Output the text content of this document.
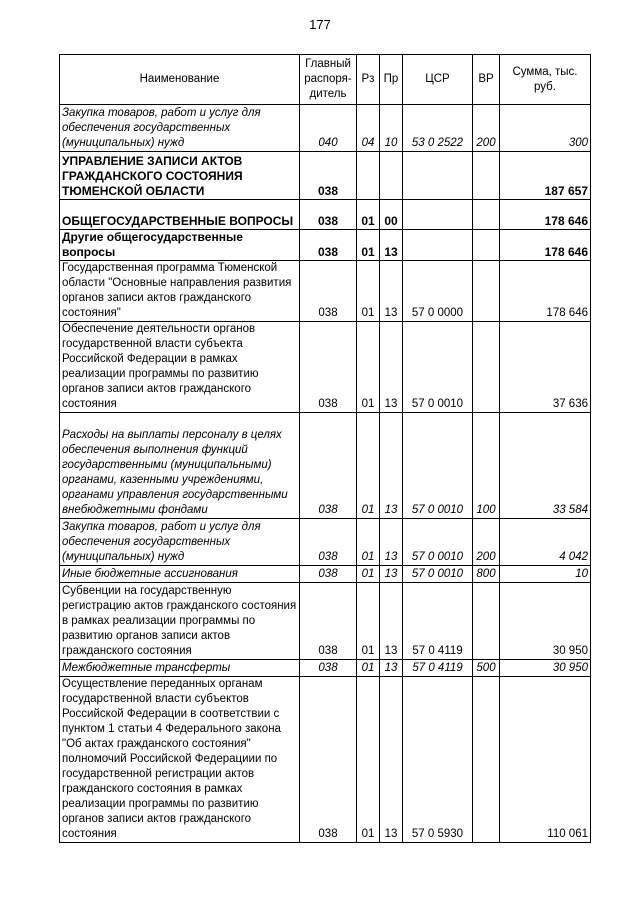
177
Наименование	Главный распоря-дитель	Рз	Пр	ЦСР	ВР	Сумма, тыс. руб.
Закупка товаров, работ и услуг для обеспечения государственных (муниципальных) нужд	040	04	10	53 0 2522	200	300
УПРАВЛЕНИЕ ЗАПИСИ АКТОВ ГРАЖДАНСКОГО СОСТОЯНИЯ ТЮМЕНСКОЙ ОБЛАСТИ	038					187 657
ОБЩЕГОСУДАРСТВЕННЫЕ ВОПРОСЫ	038	01	00			178 646
Другие общегосударственные вопросы	038	01	13			178 646
Государственная программа Тюменской области "Основные направления развития органов записи актов гражданского состояния"	038	01	13	57 0 0000		178 646
Обеспечение деятельности органов государственной власти субъекта Российской Федерации в рамках реализации программы по развитию органов записи актов гражданского состояния	038	01	13	57 0 0010		37 636
Расходы на выплаты персоналу в целях обеспечения выполнения функций государственными (муниципальными) органами, казенными учреждениями, органами управления государственными внебюджетными фондами	038	01	13	57 0 0010	100	33 584
Закупка товаров, работ и услуг для обеспечения государственных (муниципальных) нужд	038	01	13	57 0 0010	200	4 042
Иные бюджетные ассигнования	038	01	13	57 0 0010	800	10
Субвенции на государственную регистрацию актов гражданского состояния в рамках реализации программы по развитию органов записи актов гражданского состояния	038	01	13	57 0 4119		30 950
Межбюджетные трансферты	038	01	13	57 0 4119	500	30 950
Осуществление переданных органам государственной власти субъектов Российской Федерации в соответствии с пунктом 1 статьи 4 Федерального закона "Об актах гражданского состояния" полномочий Российской Федерациии по государственной регистрации актов гражданского состояния в рамках реализации программы по развитию органов записи актов гражданского состояния	038	01	13	57 0 5930		110 061
